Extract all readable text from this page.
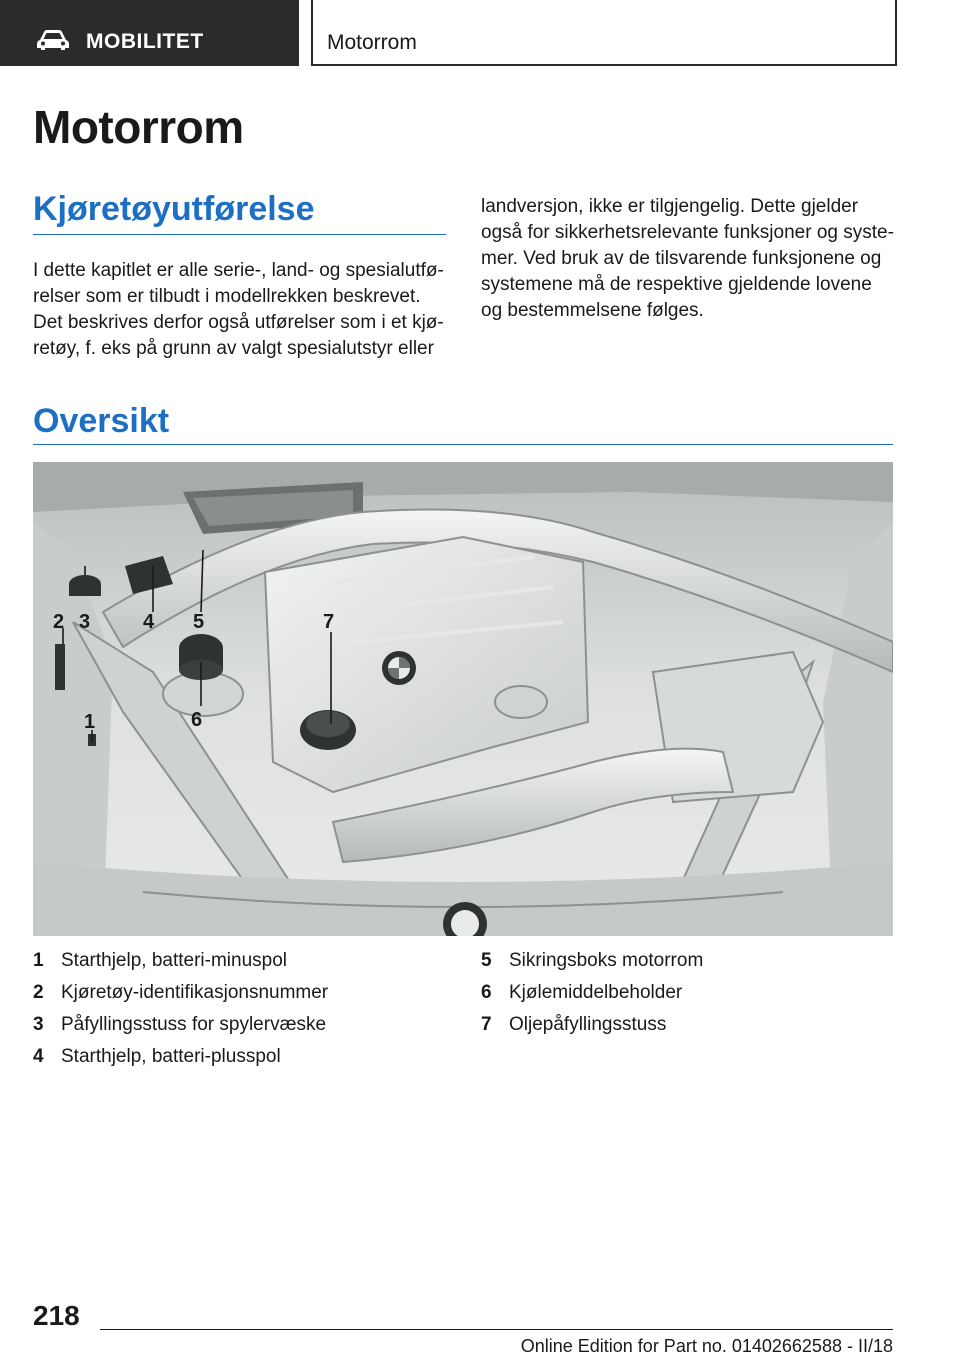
MOBILITET	Motorrom
Motorrom
Kjøretøyutførelse

I dette kapitlet er alle serie-, land- og spesialutførelser som er tilbudt i modellrekken beskrevet. Det beskrives derfor også utførelser som i et kjøretøy, f. eks på grunn av valgt spesialutstyr eller

landversjon, ikke er tilgjengelig. Dette gjelder også for sikkerhetsrelevante funksjoner og systemer. Ved bruk av de tilsvarende funksjonene og systemene må de respektive gjeldende lovene og bestemmelsene følges.

Oversikt
1
2 3	4 5
6
7
1 Starthjelp, batteri-minuspol
2 Kjøretøy-identifikasjonsnummer
3 Påfyllingsstuss for spylervæske
4 Starthjelp, batteri-plusspol
5 Sikringsboks motorrom
6 Kjølemiddelbeholder
7 Oljepåfyllingsstuss
218
Online Edition for Part no. 01402662588 - II/18
